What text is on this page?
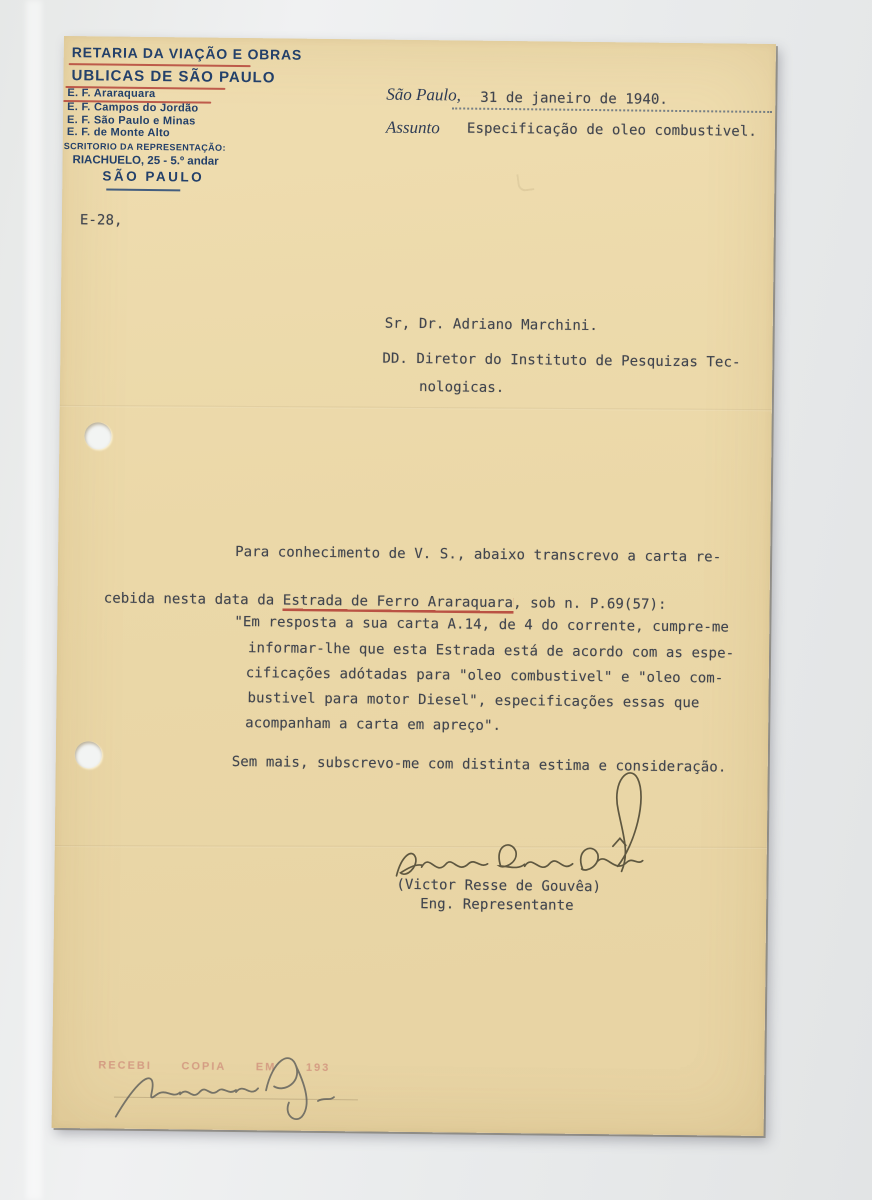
RETARIA DA VIAÇÃO E OBRAS
UBLICAS DE SÃO PAULO
E. F. Araraquara
E. F. Campos do Jordão
E. F. São Paulo e Minas
E. F. de Monte Alto
SCRITORIO DA REPRESENTAÇÃO:
RIACHUELO, 25 - 5.º andar
SÃO PAULO
E-28,
São Paulo, 31 de janeiro de 1940.
Assunto Especificação de oleo combustivel.
Sr, Dr. Adriano Marchini.
DD. Diretor do Instituto de Pesquizas Tec-
nologicas.
Para conhecimento de V. S., abaixo transcrevo a carta re-

cebida nesta data da Estrada de Ferro Araraquara, sob n. P.69(57):

"Em resposta a sua carta A.14, de 4 do corrente, cumpre-me
informar-lhe que esta Estrada está de acordo com as espe-
cificações adótadas para "oleo combustivel" e "oleo com-
bustivel para motor Diesel", especificações essas que
acompanham a carta em apreço".
Sem mais, subscrevo-me com distinta estima e consideração.
(Victor Resse de Gouvêa)
Eng. Representante
RECEBI	COPIA	EM	193
